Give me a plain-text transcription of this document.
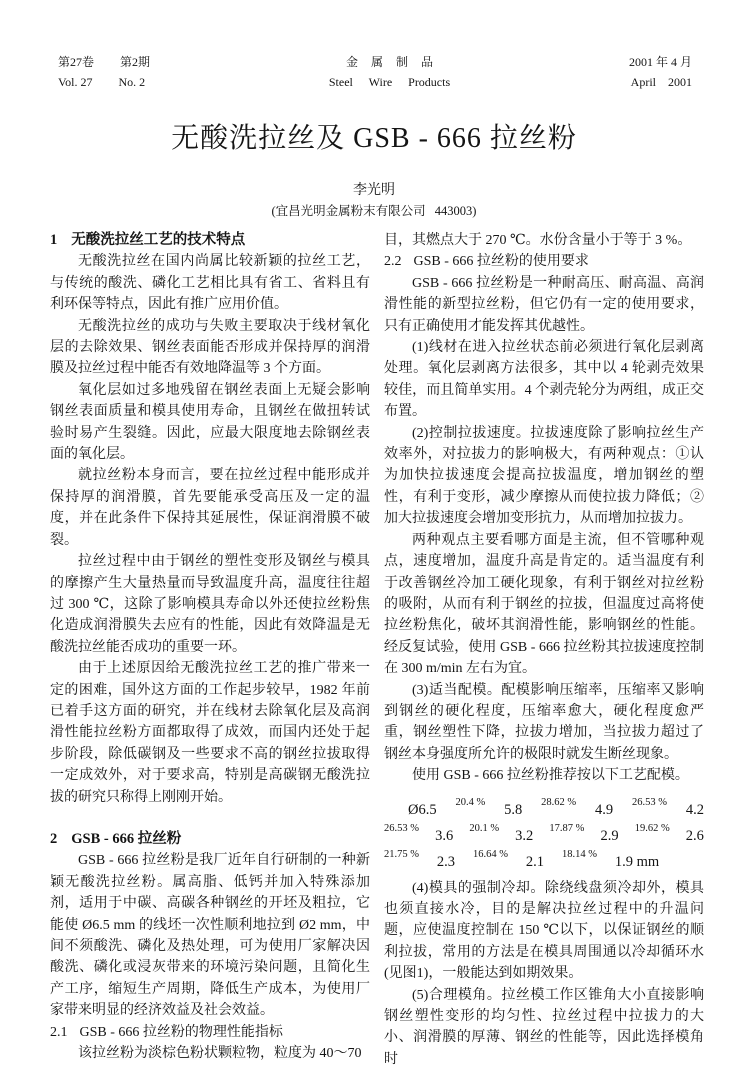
第27卷 第2期
Vol. 27 No. 2
金属制品
Steel Wire Products
2001 年 4 月
April 2001
无酸洗拉丝及 GSB - 666 拉丝粉
李光明
(宜昌光明金属粉末有限公司 443003)
1 无酸洗拉丝工艺的技术特点

无酸洗拉丝在国内尚属比较新颖的拉丝工艺，与传统的酸洗、磷化工艺相比具有省工、省料且有利环保等特点，因此有推广应用价值。

无酸洗拉丝的成功与失败主要取决于线材氧化层的去除效果、钢丝表面能否形成并保持厚的润滑膜及拉丝过程中能否有效地降温等 3 个方面。

氧化层如过多地残留在钢丝表面上无疑会影响钢丝表面质量和模具使用寿命，且钢丝在做扭转试验时易产生裂缝。因此，应最大限度地去除钢丝表面的氧化层。

就拉丝粉本身而言，要在拉丝过程中能形成并保持厚的润滑膜，首先要能承受高压及一定的温度，并在此条件下保持其延展性，保证润滑膜不破裂。

拉丝过程中由于钢丝的塑性变形及钢丝与模具的摩擦产生大量热量而导致温度升高，温度往往超过 300 ℃，这除了影响模具寿命以外还使拉丝粉焦化造成润滑膜失去应有的性能，因此有效降温是无酸洗拉丝能否成功的重要一环。

由于上述原因给无酸洗拉丝工艺的推广带来一定的困难，国外这方面的工作起步较早，1982 年前已着手这方面的研究，并在线材去除氧化层及高润滑性能拉丝粉方面都取得了成效，而国内还处于起步阶段，除低碳钢及一些要求不高的钢丝拉拔取得一定成效外，对于要求高，特别是高碳钢无酸洗拉拔的研究只称得上刚刚开始。

2 GSB - 666 拉丝粉

GSB - 666 拉丝粉是我厂近年自行研制的一种新颖无酸洗拉丝粉。属高脂、低钙并加入特殊添加剂，适用于中碳、高碳各种钢丝的开坯及粗拉，它能使 Ø6.5 mm 的线坯一次性顺利地拉到 Ø2 mm，中间不须酸洗、磷化及热处理，可为使用厂家解决因酸洗、磷化或浸灰带来的环境污染问题，且简化生产工序，缩短生产周期，降低生产成本，为使用厂家带来明显的经济效益及社会效益。

2.1 GSB - 666 拉丝粉的物理性能指标

该拉丝粉为淡棕色粉状颗粒物，粒度为 40～70

目，其燃点大于 270 ℃。水份含量小于等于 3 %。

2.2 GSB - 666 拉丝粉的使用要求

GSB - 666 拉丝粉是一种耐高压、耐高温、高润滑性能的新型拉丝粉，但它仍有一定的使用要求，只有正确使用才能发挥其优越性。

(1)线材在进入拉丝状态前必须进行氧化层剥离处理。氧化层剥离方法很多，其中以 4 轮剥壳效果较佳，而且简单实用。4 个剥壳轮分为两组，成正交布置。

(2)控制拉拔速度。拉拔速度除了影响拉丝生产效率外，对拉拔力的影响极大，有两种观点：①认为加快拉拔速度会提高拉拔温度，增加钢丝的塑性，有利于变形，减少摩擦从而使拉拔力降低；②加大拉拔速度会增加变形抗力，从而增加拉拔力。

两种观点主要看哪方面是主流，但不管哪种观点，速度增加，温度升高是肯定的。适当温度有利于改善钢丝冷加工硬化现象，有利于钢丝对拉丝粉的吸附，从而有利于钢丝的拉拔，但温度过高将使拉丝粉焦化，破坏其润滑性能，影响钢丝的性能。经反复试验，使用 GSB - 666 拉丝粉其拉拔速度控制在 300 m/min 左右为宜。

(3)适当配模。配模影响压缩率，压缩率又影响到钢丝的硬化程度，压缩率愈大，硬化程度愈严重，钢丝塑性下降，拉拔力增加，当拉拔力超过了钢丝本身强度所允许的极限时就发生断丝现象。

使用 GSB - 666 拉丝粉推荐按以下工艺配模。

Ø6.5 20.4 % 5.8 28.62 % 4.9 26.53 % 4.2
26.53 % 3.6 20.1 % 3.2 17.87 % 2.9 19.62 % 2.6
21.75 % 2.3 16.64 % 2.1 18.14 % 1.9 mm

(4)模具的强制冷却。除绕线盘须冷却外，模具也须直接水冷，目的是解决拉丝过程中的升温问题，应使温度控制在 150 ℃以下，以保证钢丝的顺利拉拔，常用的方法是在模具周围通以冷却循环水(见图1)，一般能达到如期效果。

(5)合理模角。拉丝模工作区锥角大小直接影响钢丝塑性变形的均匀性、拉丝过程中拉拔力的大小、润滑膜的厚薄、钢丝的性能等，因此选择模角时
